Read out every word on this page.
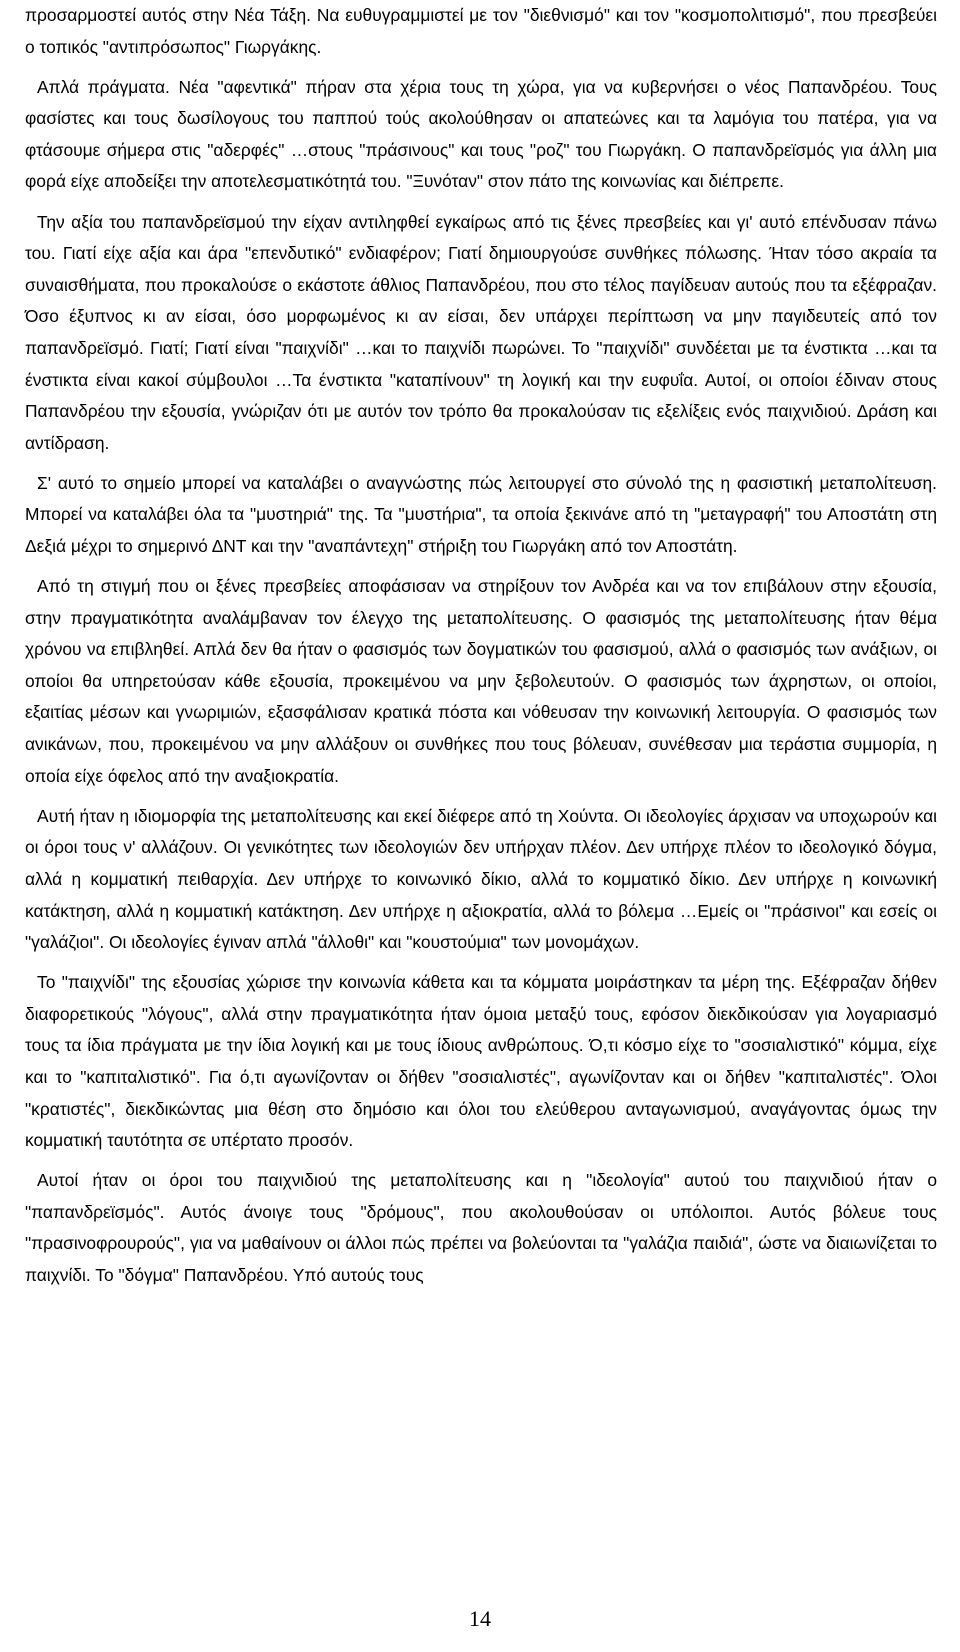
προσαρμοστεί αυτός στην Νέα Τάξη. Να ευθυγραμμιστεί με τον "διεθνισμό" και τον "κοσμοπολιτισμό", που πρεσβεύει ο τοπικός "αντιπρόσωπος" Γιωργάκης.

Απλά πράγματα. Νέα "αφεντικά" πήραν στα χέρια τους τη χώρα, για να κυβερνήσει ο νέος Παπανδρέου. Τους φασίστες και τους δωσίλογους του παππού τούς ακολούθησαν οι απατεώνες και τα λαμόγια του πατέρα, για να φτάσουμε σήμερα στις "αδερφές" …στους "πράσινους" και τους "ροζ" του Γιωργάκη. Ο παπανδρεϊσμός για άλλη μια φορά είχε αποδείξει την αποτελεσματικότητά του. "Ξυνόταν" στον πάτο της κοινωνίας και διέπρεπε.

Την αξία του παπανδρεϊσμού την είχαν αντιληφθεί εγκαίρως από τις ξένες πρεσβείες και γι' αυτό επένδυσαν πάνω του. Γιατί είχε αξία και άρα "επενδυτικό" ενδιαφέρον; Γιατί δημιουργούσε συνθήκες πόλωσης. Ήταν τόσο ακραία τα συναισθήματα, που προκαλούσε ο εκάστοτε άθλιος Παπανδρέου, που στο τέλος παγίδευαν αυτούς που τα εξέφραζαν. Όσο έξυπνος κι αν είσαι, όσο μορφωμένος κι αν είσαι, δεν υπάρχει περίπτωση να μην παγιδευτείς από τον παπανδρεϊσμό. Γιατί; Γιατί είναι "παιχνίδι" …και το παιχνίδι πωρώνει. Το "παιχνίδι" συνδέεται με τα ένστικτα …και τα ένστικτα είναι κακοί σύμβουλοι …Τα ένστικτα "καταπίνουν" τη λογική και την ευφυΐα. Αυτοί, οι οποίοι έδιναν στους Παπανδρέου την εξουσία, γνώριζαν ότι με αυτόν τον τρόπο θα προκαλούσαν τις εξελίξεις ενός παιχνιδιού. Δράση και αντίδραση.

Σ' αυτό το σημείο μπορεί να καταλάβει ο αναγνώστης πώς λειτουργεί στο σύνολό της η φασιστική μεταπολίτευση. Μπορεί να καταλάβει όλα τα "μυστηριά" της. Τα "μυστήρια", τα οποία ξεκινάνε από τη "μεταγραφή" του Αποστάτη στη Δεξιά μέχρι το σημερινό ΔΝΤ και την "αναπάντεχη" στήριξη του Γιωργάκη από τον Αποστάτη.

Από τη στιγμή που οι ξένες πρεσβείες αποφάσισαν να στηρίξουν τον Ανδρέα και να τον επιβάλουν στην εξουσία, στην πραγματικότητα αναλάμβαναν τον έλεγχο της μεταπολίτευσης. Ο φασισμός της μεταπολίτευσης ήταν θέμα χρόνου να επιβληθεί. Απλά δεν θα ήταν ο φασισμός των δογματικών του φασισμού, αλλά ο φασισμός των ανάξιων, οι οποίοι θα υπηρετούσαν κάθε εξουσία, προκειμένου να μην ξεβολευτούν. Ο φασισμός των άχρηστων, οι οποίοι, εξαιτίας μέσων και γνωριμιών, εξασφάλισαν κρατικά πόστα και νόθευσαν την κοινωνική λειτουργία. Ο φασισμός των ανικάνων, που, προκειμένου να μην αλλάξουν οι συνθήκες που τους βόλευαν, συνέθεσαν μια τεράστια συμμορία, η οποία είχε όφελος από την αναξιοκρατία.

Αυτή ήταν η ιδιομορφία της μεταπολίτευσης και εκεί διέφερε από τη Χούντα. Οι ιδεολογίες άρχισαν να υποχωρούν και οι όροι τους ν' αλλάζουν. Οι γενικότητες των ιδεολογιών δεν υπήρχαν πλέον. Δεν υπήρχε πλέον το ιδεολογικό δόγμα, αλλά η κομματική πειθαρχία. Δεν υπήρχε το κοινωνικό δίκιο, αλλά το κομματικό δίκιο. Δεν υπήρχε η κοινωνική κατάκτηση, αλλά η κομματική κατάκτηση. Δεν υπήρχε η αξιοκρατία, αλλά το βόλεμα …Εμείς οι "πράσινοι" και εσείς οι "γαλάζιοι". Οι ιδεολογίες έγιναν απλά "άλλοθι" και "κουστούμια" των μονομάχων.

Το "παιχνίδι" της εξουσίας χώρισε την κοινωνία κάθετα και τα κόμματα μοιράστηκαν τα μέρη της. Εξέφραζαν δήθεν διαφορετικούς "λόγους", αλλά στην πραγματικότητα ήταν όμοια μεταξύ τους, εφόσον διεκδικούσαν για λογαριασμό τους τα ίδια πράγματα με την ίδια λογική και με τους ίδιους ανθρώπους. Ό,τι κόσμο είχε το "σοσιαλιστικό" κόμμα, είχε και το "καπιταλιστικό". Για ό,τι αγωνίζονταν οι δήθεν "σοσιαλιστές", αγωνίζονταν και οι δήθεν "καπιταλιστές". Όλοι "κρατιστές", διεκδικώντας μια θέση στο δημόσιο και όλοι του ελεύθερου ανταγωνισμού, αναγάγοντας όμως την κομματική ταυτότητα σε υπέρτατο προσόν.

Αυτοί ήταν οι όροι του παιχνιδιού της μεταπολίτευσης και η "ιδεολογία" αυτού του παιχνιδιού ήταν ο "παπανδρεϊσμός". Αυτός άνοιγε τους "δρόμους", που ακολουθούσαν οι υπόλοιποι. Αυτός βόλευε τους "πρασινοφρουρούς", για να μαθαίνουν οι άλλοι πώς πρέπει να βολεύονται τα "γαλάζια παιδιά", ώστε να διαιωνίζεται το παιχνίδι. Το "δόγμα" Παπανδρέου. Υπό αυτούς τους

14
